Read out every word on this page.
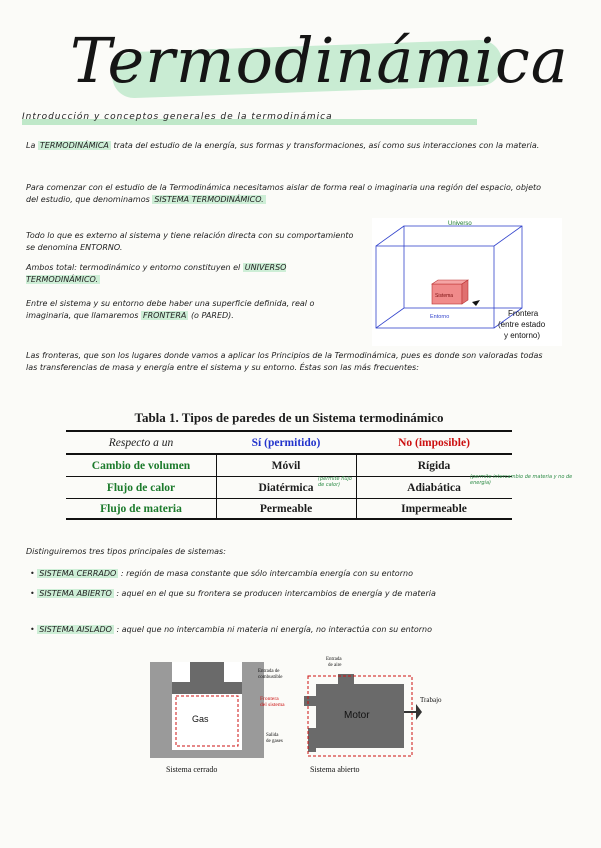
Termodinámica
Introducción y conceptos generales de la termodinámica
La TERMODINÁMICA trata del estudio de la energía, sus formas y transformaciones, así como sus interacciones con la materia.
Para comenzar con el estudio de la Termodinámica necesitamos aislar de forma real o imaginaria una región del espacio, objeto del estudio, que denominamos SISTEMA TERMODINÁMICO.
Todo lo que es externo al sistema y tiene relación directa con su comportamiento se denomina ENTORNO.
Ambos total: termodinámico y entorno constituyen el UNIVERSO TERMODINÁMICO.
Entre el sistema y su entorno debe haber una superficie definida, real o imaginaria, que llamaremos FRONTERA (o PARED).
Universo
Sistema
Entorno	Frontera
(entre estado
y entorno)
Las fronteras, que son los lugares donde vamos a aplicar los Principios de la Termodinámica, pues es donde son valoradas todas las transferencias de masa y energía entre el sistema y su entorno. Éstas son las más frecuentes:
Tabla 1. Tipos de paredes de un Sistema termodinámico
Respecto a un	Sí (permitido)	No (imposible)
Cambio de volumen	Móvil	Rígida
Flujo de calor	Diatérmica	Adiabática
Flujo de materia	Permeable	Impermeable
(permite flujo de calor)
(permite intercambio de materia y no de energía)
Distinguiremos tres tipos principales de sistemas:
• SISTEMA CERRADO : región de masa constante que sólo intercambia energía con su entorno
• SISTEMA ABIERTO : aquel en el que su frontera se producen intercambios de energía y de materia
• SISTEMA AISLADO : aquel que no intercambia ni materia ni energía, no interactúa con su entorno
Gas
Sistema cerrado
Motor
Trabajo
Entrada
de aire
Entrada de
combustible
Frontera
del sistema
Salida
de gases
Sistema abierto
